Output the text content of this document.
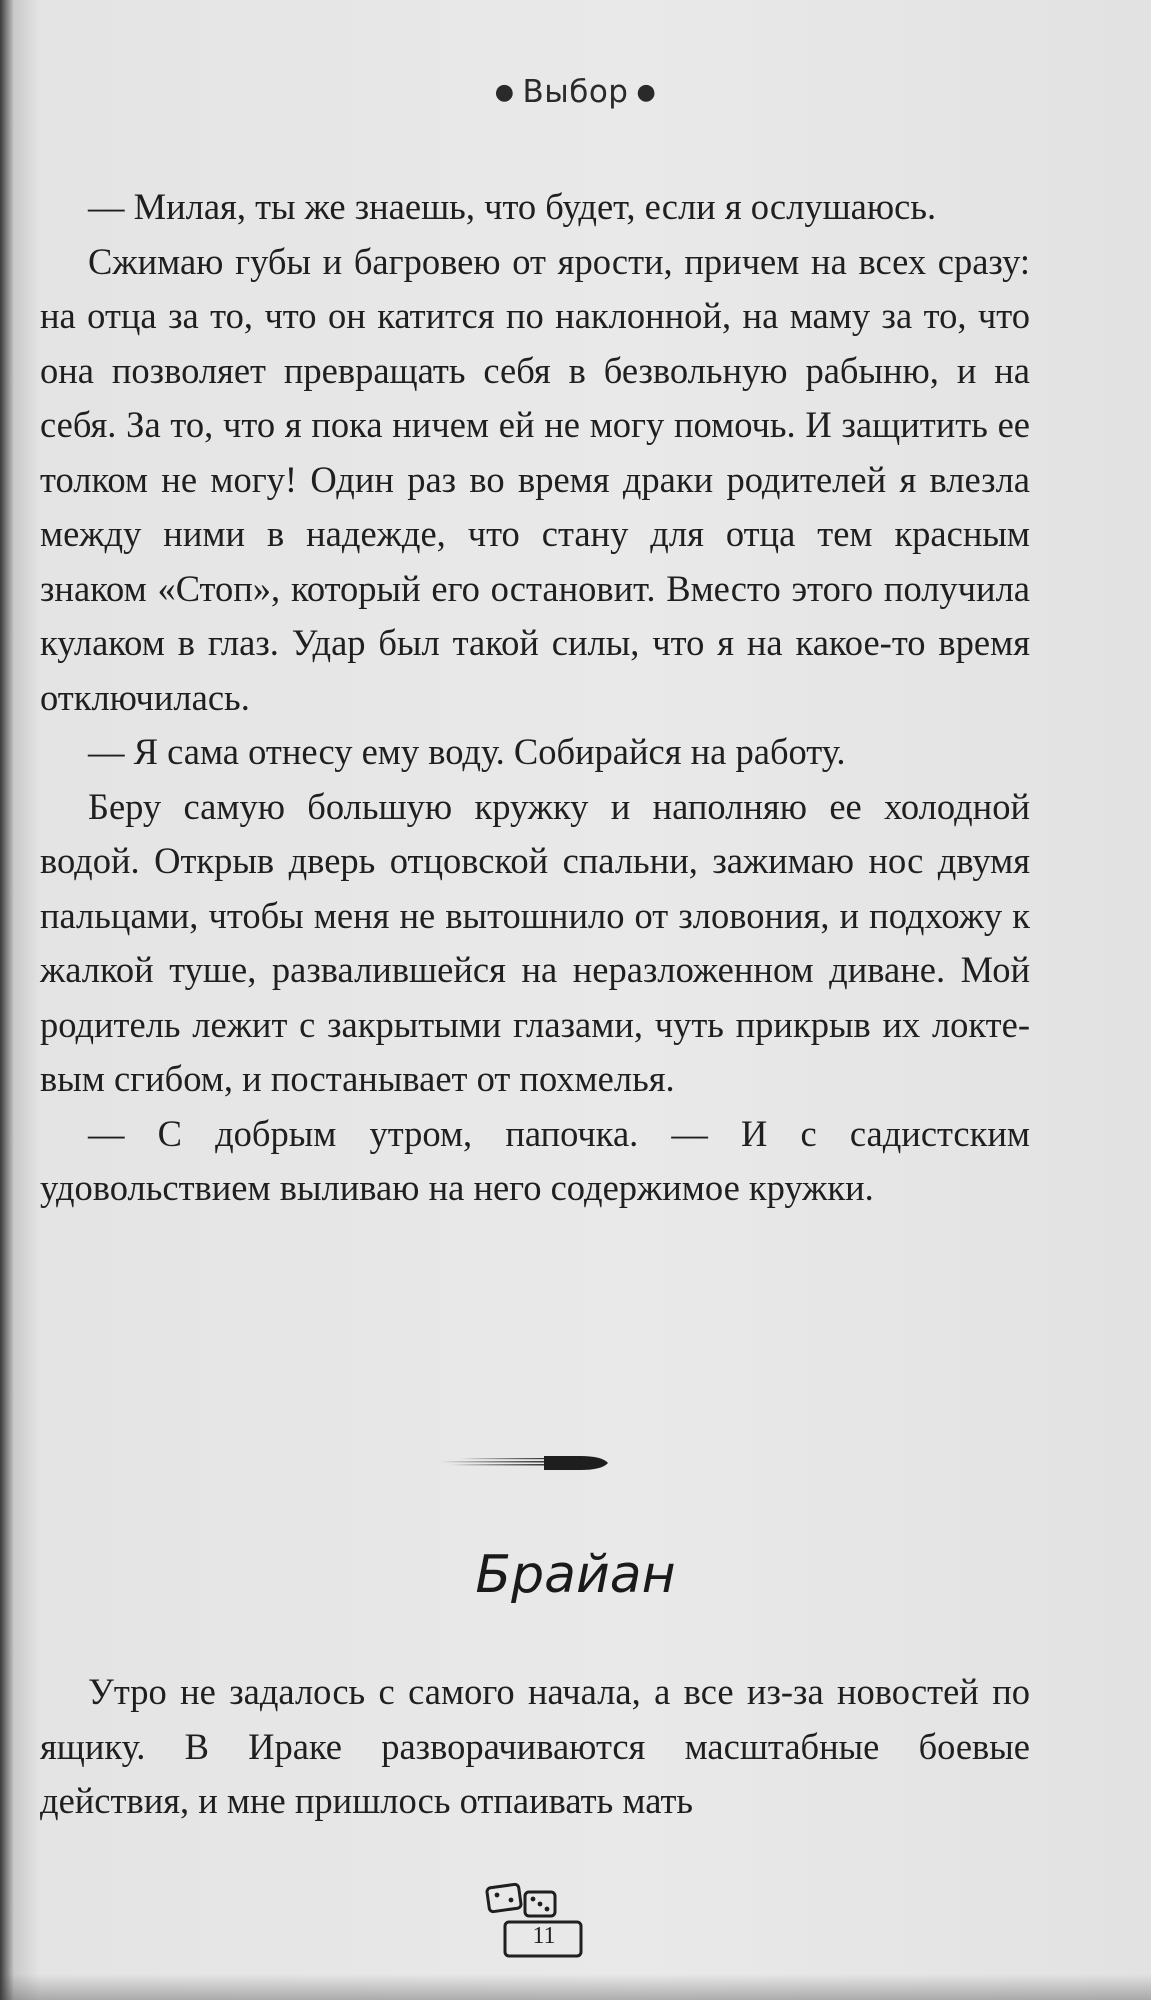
● Выбор ●

— Милая, ты же знаешь, что будет, если я ослушаюсь.

Сжимаю губы и багровею от ярости, причем на всех сразу: на отца за то, что он катится по наклонной, на маму за то, что она позволяет превращать себя в безвольную рабыню, и на себя. За то, что я пока ничем ей не могу помочь. И защитить ее толком не могу! Один раз во время драки родителей я влезла между ними в надежде, что стану для отца тем красным знаком «Стоп», который его остановит. Вместо этого получила кулаком в глаз. Удар был такой силы, что я на какое-то время отключилась.

— Я сама отнесу ему воду. Собирайся на работу.

Беру самую большую кружку и наполняю ее холодной водой. Открыв дверь отцовской спальни, зажимаю нос двумя пальцами, чтобы меня не вытошнило от зловония, и подхожу к жалкой туше, развалившейся на неразложенном диване. Мой родитель лежит с закрытыми глазами, чуть прикрыв их локтевым сгибом, и постанывает от похмелья.

— С добрым утром, папочка. — И с садистским удовольствием выливаю на него содержимое кружки.

Брайан

Утро не задалось с самого начала, а все из-за новостей по ящику. В Ираке разворачиваются масштабные боевые действия, и мне пришлось отпаивать мать

11
